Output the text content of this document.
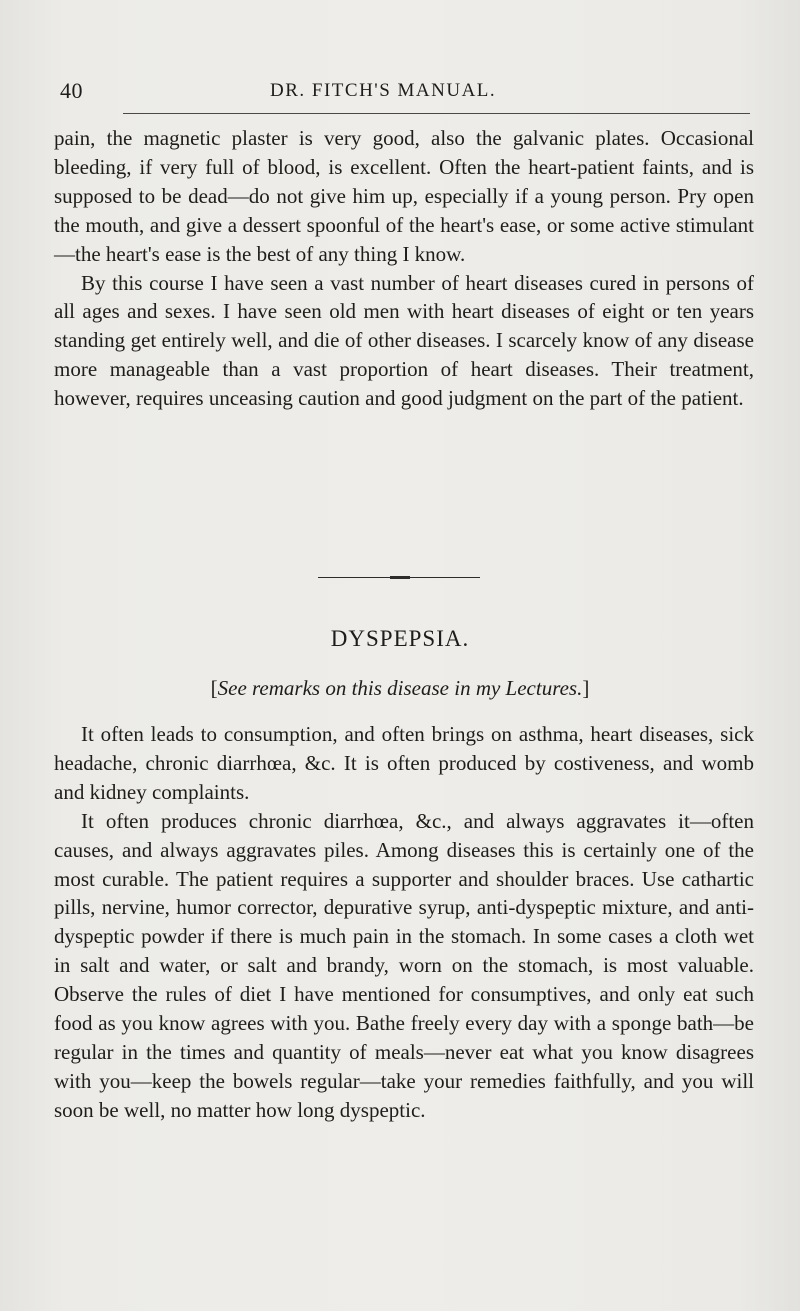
40	DR. FITCH'S MANUAL.

pain, the magnetic plaster is very good, also the galvanic plates. Occasional bleeding, if very full of blood, is excellent. Often the heart-patient faints, and is supposed to be dead—do not give him up, especially if a young person. Pry open the mouth, and give a dessert spoonful of the heart's ease, or some active stimulant—the heart's ease is the best of any thing I know.

By this course I have seen a vast number of heart diseases cured in persons of all ages and sexes. I have seen old men with heart diseases of eight or ten years standing get entirely well, and die of other diseases. I scarcely know of any disease more manageable than a vast proportion of heart diseases. Their treatment, however, requires unceasing caution and good judgment on the part of the patient.

DYSPEPSIA.
[See remarks on this disease in my Lectures.]

It often leads to consumption, and often brings on asthma, heart diseases, sick headache, chronic diarrhœa, &c. It is often produced by costiveness, and womb and kidney complaints.

It often produces chronic diarrhœa, &c., and always aggravates it—often causes, and always aggravates piles. Among diseases this is certainly one of the most curable. The patient requires a supporter and shoulder braces. Use cathartic pills, nervine, humor corrector, depurative syrup, anti-dyspeptic mixture, and anti-dyspeptic powder if there is much pain in the stomach. In some cases a cloth wet in salt and water, or salt and brandy, worn on the stomach, is most valuable. Observe the rules of diet I have mentioned for consumptives, and only eat such food as you know agrees with you. Bathe freely every day with a sponge bath—be regular in the times and quantity of meals—never eat what you know disagrees with you—keep the bowels regular—take your remedies faithfully, and you will soon be well, no matter how long dyspeptic.
